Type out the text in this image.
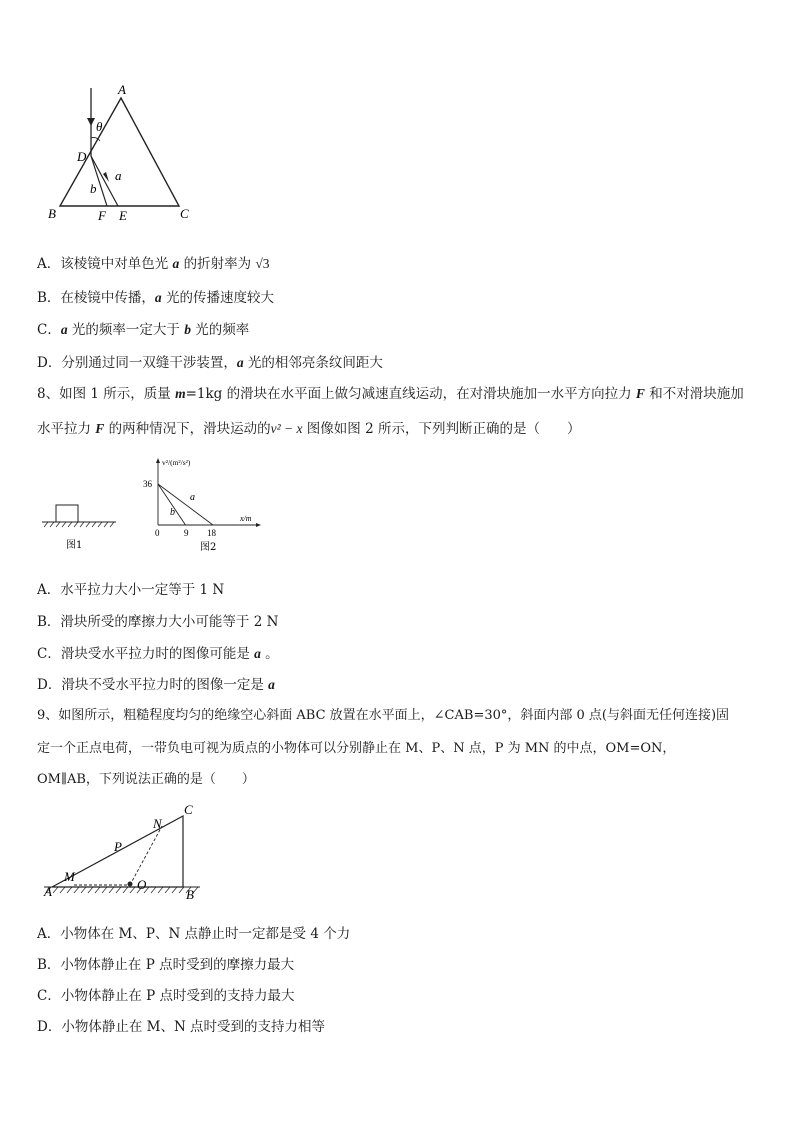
A
θ
D
a
b
B	F E	C
A．该棱镜中对单色光 a 的折射率为 √3
B．在棱镜中传播，a 光的传播速度较大
C．a 光的频率一定大于 b 光的频率
D．分别通过同一双缝干涉装置，a 光的相邻亮条纹间距大
8、如图 1 所示，质量 m=1kg 的滑块在水平面上做匀减速直线运动，在对滑块施加一水平方向拉力 F 和不对滑块施加
水平拉力 F 的两种情况下，滑块运动的v² − x 图像如图 2 所示，下列判断正确的是（　　）
图1
v²/(m²/s²)
x/m
36
0	9 18
a
b
图2
A．水平拉力大小一定等于 1 N
B．滑块所受的摩擦力大小可能等于 2 N
C．滑块受水平拉力时的图像可能是 a 。
D．滑块不受水平拉力时的图像一定是 a
9、如图所示，粗糙程度均匀的绝缘空心斜面 ABC 放置在水平面上，∠CAB=30°，斜面内部 0 点(与斜面无任何连接)固
定一个正点电荷，一带负电可视为质点的小物体可以分别静止在 M、P、N 点，P 为 MN 的中点，OM=ON，
OM∥AB，下列说法正确的是（　　）
A
M
O
P
N
C
B
A．小物体在 M、P、N 点静止时一定都是受 4 个力
B．小物体静止在 P 点时受到的摩擦力最大
C．小物体静止在 P 点时受到的支持力最大
D．小物体静止在 M、N 点时受到的支持力相等
